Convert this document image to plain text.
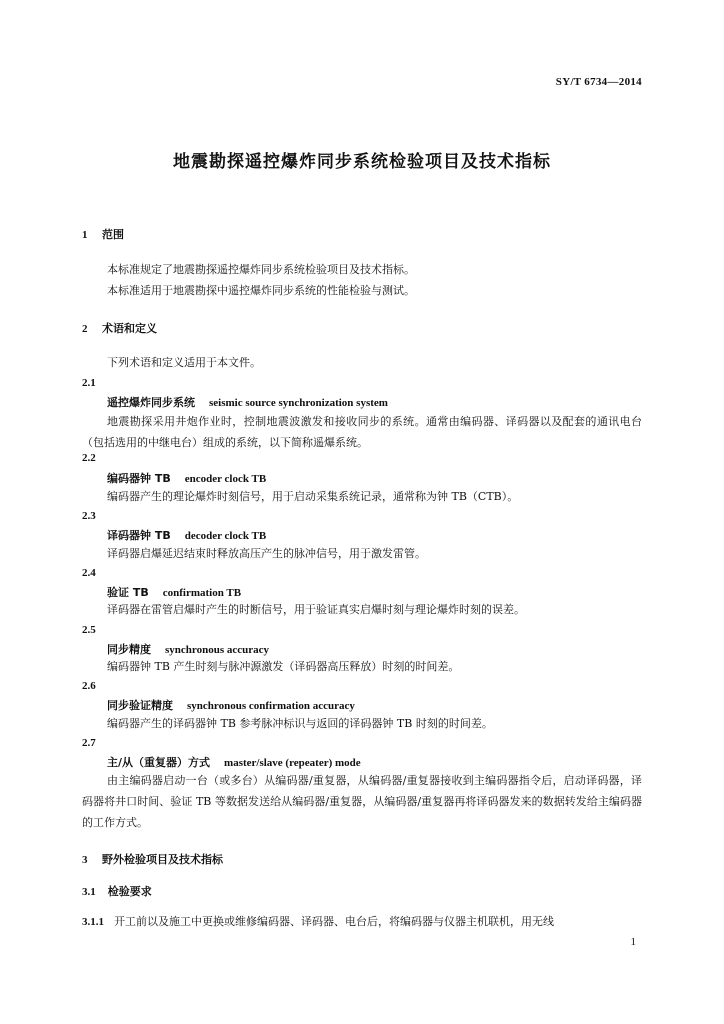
SY/T 6734—2014
地震勘探遥控爆炸同步系统检验项目及技术指标
1 范围
本标准规定了地震勘探遥控爆炸同步系统检验项目及技术指标。
本标准适用于地震勘探中遥控爆炸同步系统的性能检验与测试。
2 术语和定义
下列术语和定义适用于本文件。
2.1
遥控爆炸同步系统 seismic source synchronization system
地震勘探采用井炮作业时，控制地震波激发和接收同步的系统。通常由编码器、译码器以及配套的通讯电台（包括选用的中继电台）组成的系统，以下简称遥爆系统。
2.2
编码器钟 TB encoder clock TB
编码器产生的理论爆炸时刻信号，用于启动采集系统记录，通常称为钟 TB（CTB）。
2.3
译码器钟 TB decoder clock TB
译码器启爆延迟结束时释放高压产生的脉冲信号，用于激发雷管。
2.4
验证 TB confirmation TB
译码器在雷管启爆时产生的时断信号，用于验证真实启爆时刻与理论爆炸时刻的误差。
2.5
同步精度 synchronous accuracy
编码器钟 TB 产生时刻与脉冲源激发（译码器高压释放）时刻的时间差。
2.6
同步验证精度 synchronous confirmation accuracy
编码器产生的译码器钟 TB 参考脉冲标识与返回的译码器钟 TB 时刻的时间差。
2.7
主/从（重复器）方式 master/slave (repeater) mode
由主编码器启动一台（或多台）从编码器/重复器，从编码器/重复器接收到主编码器指令后，启动译码器，译码器将井口时间、验证 TB 等数据发送给从编码器/重复器，从编码器/重复器再将译码器发来的数据转发给主编码器的工作方式。
3 野外检验项目及技术指标
3.1 检验要求
3.1.1 开工前以及施工中更换或维修编码器、译码器、电台后，将编码器与仪器主机联机，用无线
1
